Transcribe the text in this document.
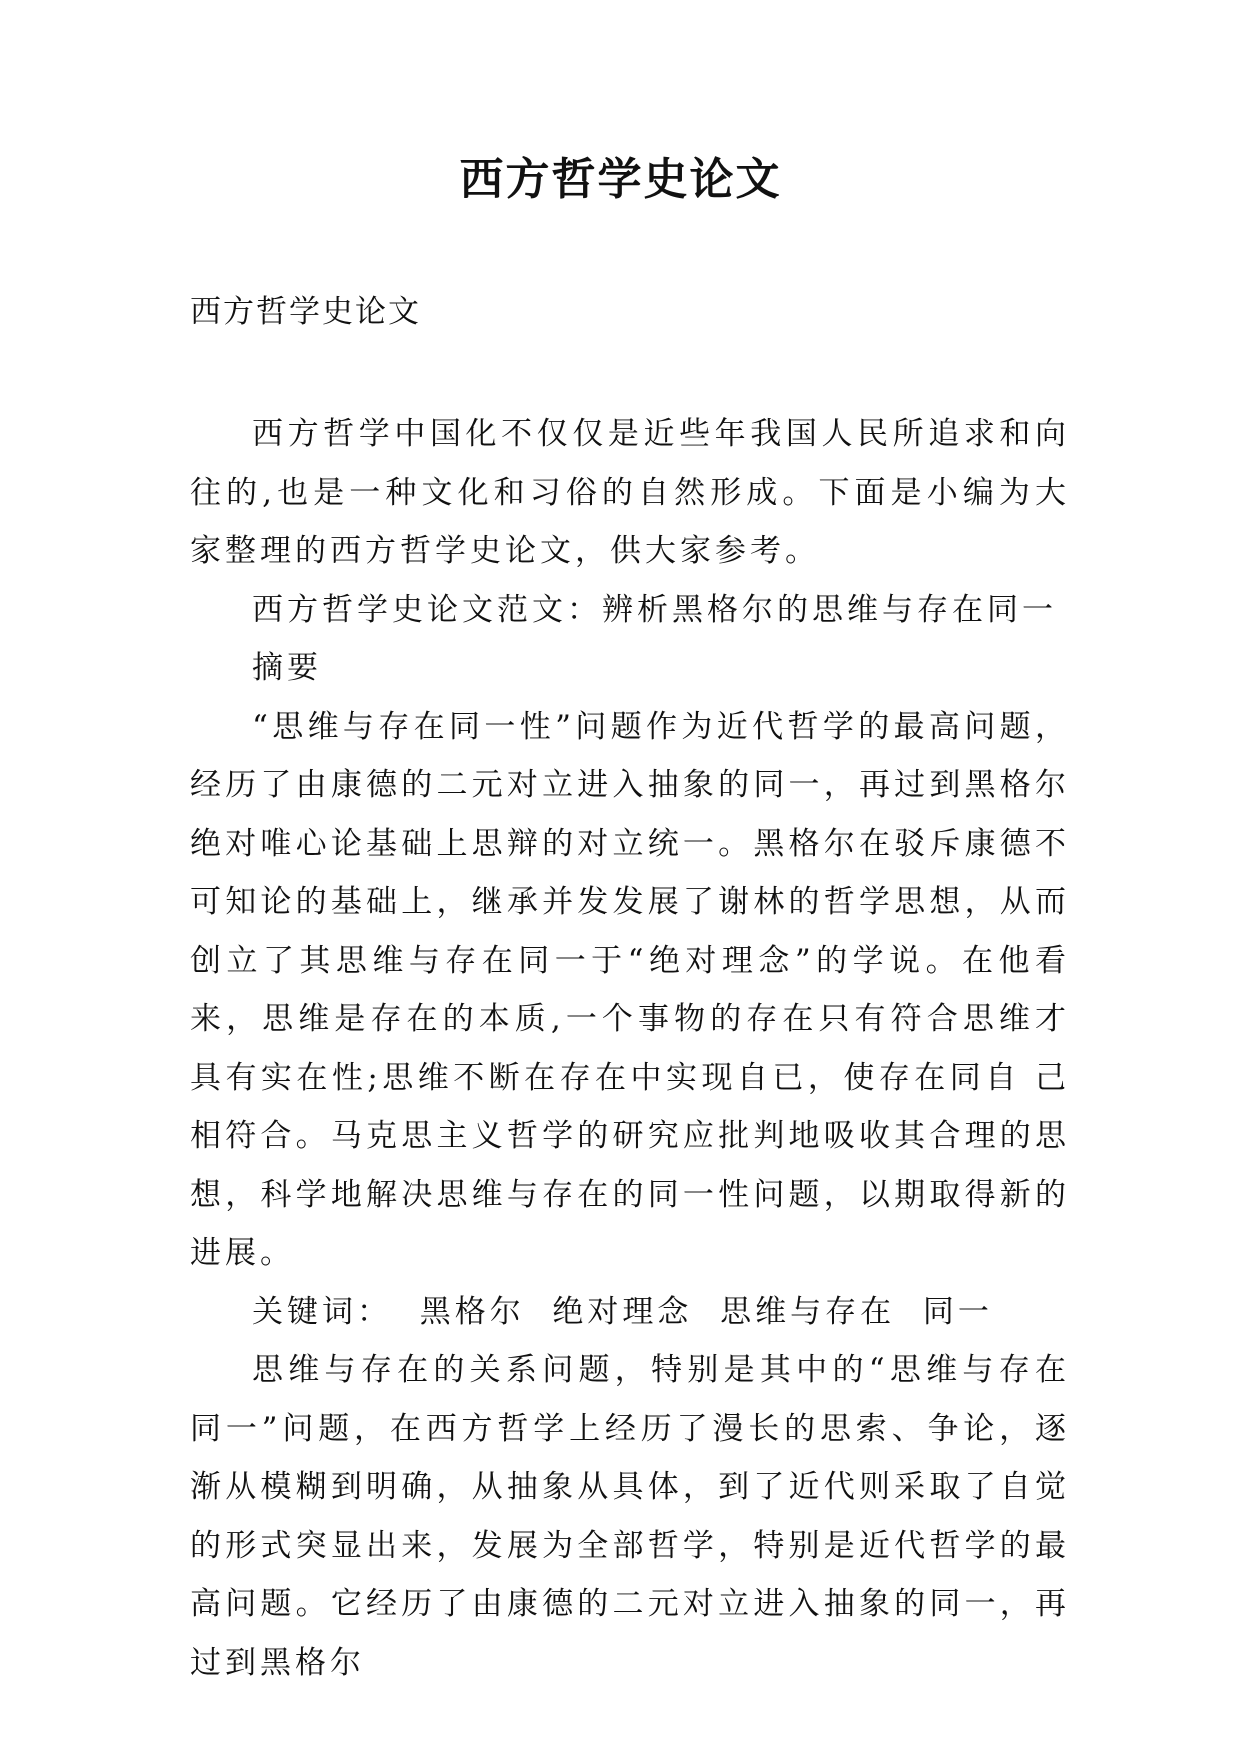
西方哲学史论文

西方哲学史论文

西方哲学中国化不仅仅是近些年我国人民所追求和向往的,也是一种文化和习俗的自然形成。下面是小编为大家整理的西方哲学史论文，供大家参考。

西方哲学史论文范文：辨析黑格尔的思维与存在同一

摘要

“思维与存在同一性”问题作为近代哲学的最高问题，经历了由康德的二元对立进入抽象的同一，再过到黑格尔绝对唯心论基础上思辩的对立统一。黑格尔在驳斥康德不可知论的基础上，继承并发发展了谢林的哲学思想，从而创立了其思维与存在同一于“绝对理念”的学说。在他看来，思维是存在的本质,一个事物的存在只有符合思维才具有实在性;思维不断在存在中实现自已，使存在同自 己相符合。马克思主义哲学的研究应批判地吸收其合理的思想，科学地解决思维与存在的同一性问题，以期取得新的进展。

关键词：  黑格尔  绝对理念  思维与存在  同一

思维与存在的关系问题，特别是其中的“思维与存在同一”问题，在西方哲学上经历了漫长的思索、争论，逐渐从模糊到明确，从抽象从具体，到了近代则采取了自觉的形式突显出来，发展为全部哲学，特别是近代哲学的最高问题。它经历了由康德的二元对立进入抽象的同一，再过到黑格尔
